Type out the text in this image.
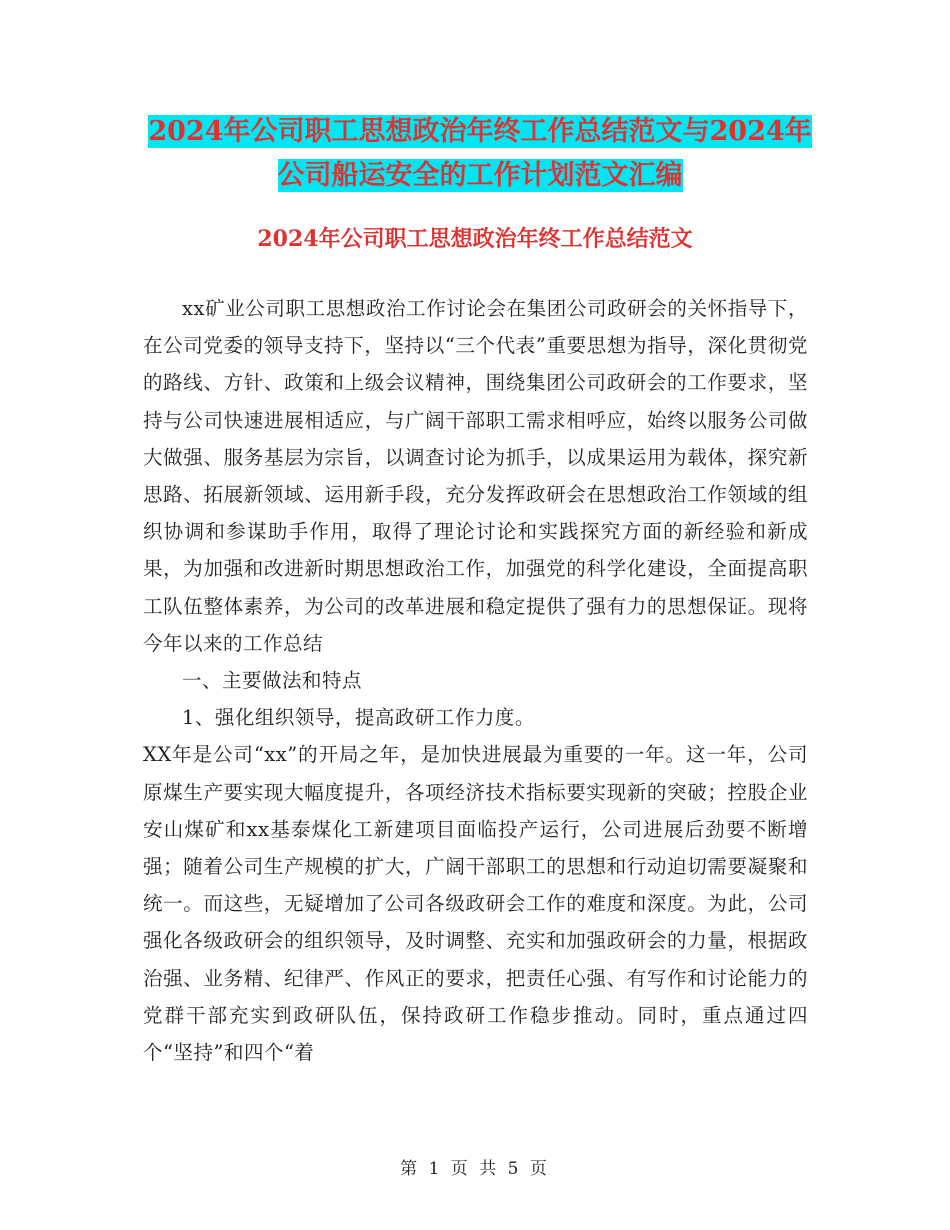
2024年公司职工思想政治年终工作总结范文与2024年公司船运安全的工作计划范文汇编
2024年公司职工思想政治年终工作总结范文

xx矿业公司职工思想政治工作讨论会在集团公司政研会的关怀指导下，在公司党委的领导支持下，坚持以“三个代表”重要思想为指导，深化贯彻党的路线、方针、政策和上级会议精神，围绕集团公司政研会的工作要求，坚持与公司快速进展相适应，与广阔干部职工需求相呼应，始终以服务公司做大做强、服务基层为宗旨，以调查讨论为抓手，以成果运用为载体，探究新思路、拓展新领域、运用新手段，充分发挥政研会在思想政治工作领域的组织协调和参谋助手作用，取得了理论讨论和实践探究方面的新经验和新成果，为加强和改进新时期思想政治工作，加强党的科学化建设，全面提高职工队伍整体素养，为公司的改革进展和稳定提供了强有力的思想保证。现将今年以来的工作总结

一、主要做法和特点

1、强化组织领导，提高政研工作力度。

XX年是公司“xx”的开局之年，是加快进展最为重要的一年。这一年，公司原煤生产要实现大幅度提升，各项经济技术指标要实现新的突破；控股企业安山煤矿和xx基泰煤化工新建项目面临投产运行，公司进展后劲要不断增强；随着公司生产规模的扩大，广阔干部职工的思想和行动迫切需要凝聚和统一。而这些，无疑增加了公司各级政研会工作的难度和深度。为此，公司强化各级政研会的组织领导，及时调整、充实和加强政研会的力量，根据政治强、业务精、纪律严、作风正的要求，把责任心强、有写作和讨论能力的党群干部充实到政研队伍，保持政研工作稳步推动。同时，重点通过四个“坚持”和四个“着

第 1 页 共 5 页
